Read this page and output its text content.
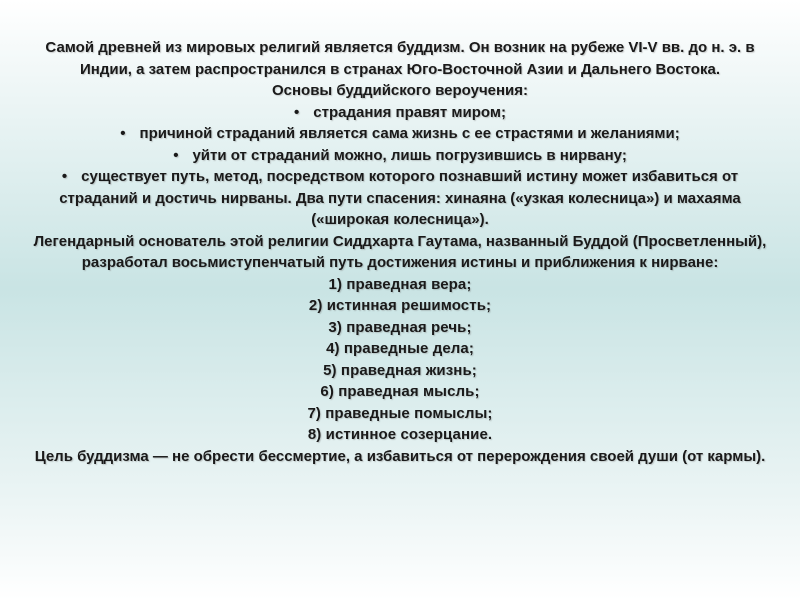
Самой древней из мировых религий является буддизм. Он возник на рубеже VI-V вв. до н. э. в Индии, а затем распространился в странах Юго-Восточной Азии и Дальнего Востока.

Основы буддийского вероучения:

• страдания правят миром;

• причиной страданий является сама жизнь с ее страстями и желаниями;

• уйти от страданий можно, лишь погрузившись в нирвану;

• существует путь, метод, посредством которого познавший истину может избавиться от страданий и достичь нирваны. Два пути спасения: хинаяна («узкая колесница») и махаяма («широкая колесница»).

Легендарный основатель этой религии Сиддхарта Гаутама, названный Буддой (Просветленный), разработал восьмиступенчатый путь достижения истины и приближения к нирване:

1) праведная вера;

2) истинная решимость;

3) праведная речь;

4) праведные дела;

5) праведная жизнь;

6) праведная мысль;

7) праведные помыслы;

8) истинное созерцание.

Цель буддизма — не обрести бессмертие, а избавиться от перерождения своей души (от кармы).
